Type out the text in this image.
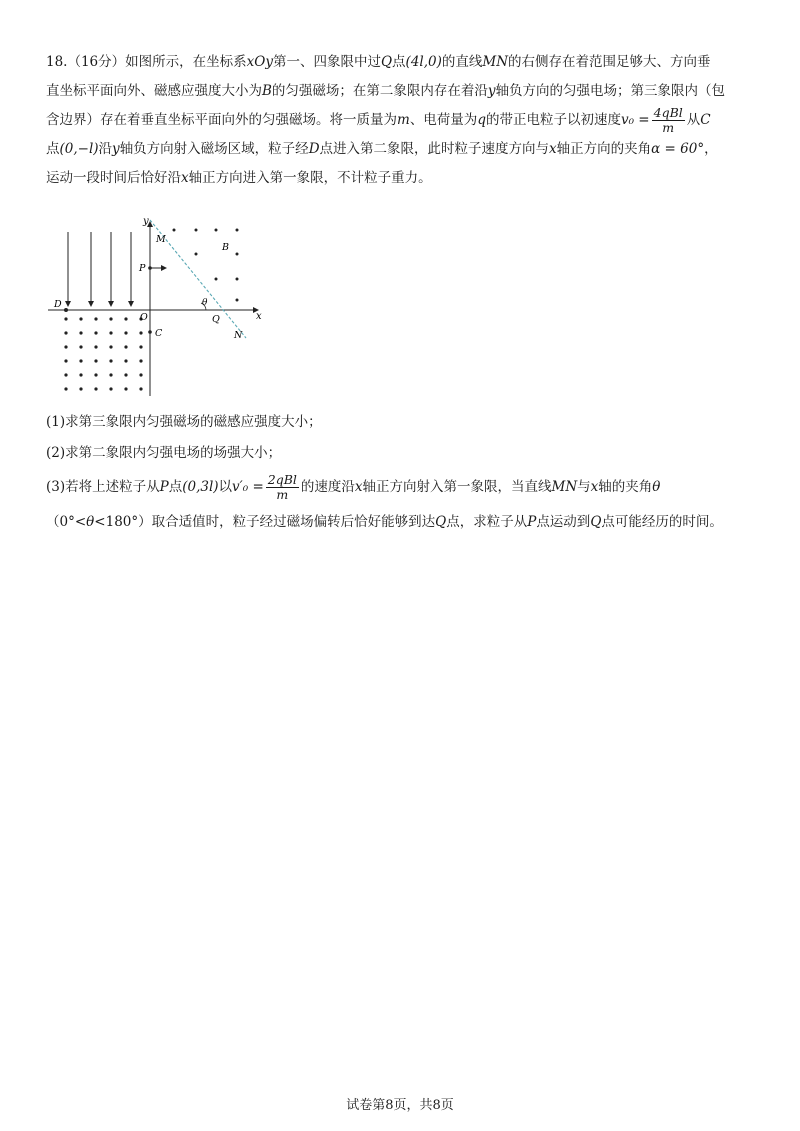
18.（16分）如图所示，在坐标系xOy第一、四象限中过Q点(4l,0)的直线MN的右侧存在着范围足够大、方向垂
直坐标平面向外、磁感应强度大小为B的匀强磁场；在第二象限内存在着沿y轴负方向的匀强电场；第三象限内（包
含边界）存在着垂直坐标平面向外的匀强磁场。将一质量为m、电荷量为q的带正电粒子以初速度$v_0 = \frac{\text{4qBl}}{m}$ 从C
点(0,−l)沿y轴负方向射入磁场区域，粒子经D点进入第二象限，此时粒子速度方向与x轴正方向的夹角α = 60°，
运动一段时间后恰好沿x轴正方向进入第一象限，不计粒子重力。
y
x
M
N
P
B
D
O	Q
C
θ
(1)求第三象限内匀强磁场的磁感应强度大小；
(2)求第二象限内匀强电场的场强大小；
(3)若将上述粒子从P点(0,3l)以$v'_0 = \frac{\text{2qBl}}{m}$ 的速度沿x轴正方向射入第一象限，当直线MN与x轴的夹角θ
（0°<θ<180°）取合适值时，粒子经过磁场偏转后恰好能够到达Q点，求粒子从P点运动到Q点可能经历的时间。
试卷第8页，共8页
